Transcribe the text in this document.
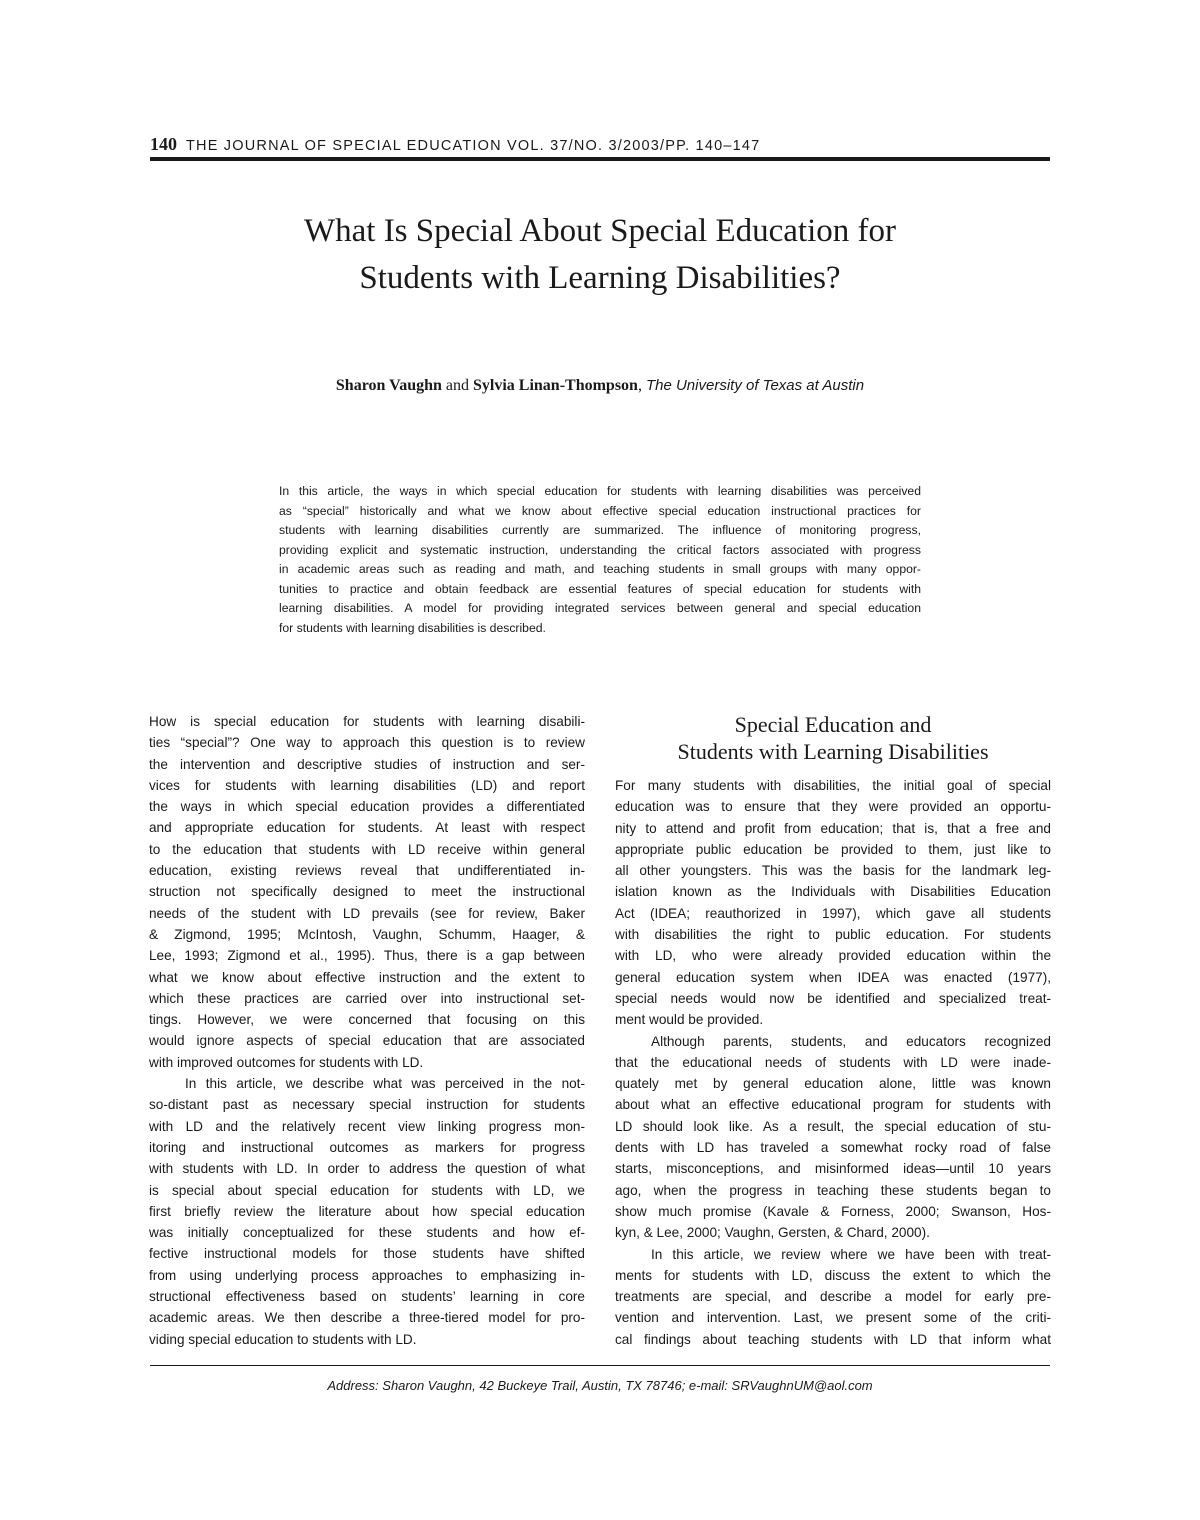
140 THE JOURNAL OF SPECIAL EDUCATION VOL. 37/NO. 3/2003/PP. 140–147
What Is Special About Special Education for
Students with Learning Disabilities?
Sharon Vaughn and Sylvia Linan-Thompson, The University of Texas at Austin
In this article, the ways in which special education for students with learning disabilities was perceived
as “special” historically and what we know about effective special education instructional practices for
students with learning disabilities currently are summarized. The influence of monitoring progress,
providing explicit and systematic instruction, understanding the critical factors associated with progress
in academic areas such as reading and math, and teaching students in small groups with many oppor-
tunities to practice and obtain feedback are essential features of special education for students with
learning disabilities. A model for providing integrated services between general and special education
for students with learning disabilities is described.
How is special education for students with learning disabili-
ties “special”? One way to approach this question is to review
the intervention and descriptive studies of instruction and ser-
vices for students with learning disabilities (LD) and report
the ways in which special education provides a differentiated
and appropriate education for students. At least with respect
to the education that students with LD receive within general
education, existing reviews reveal that undifferentiated in-
struction not specifically designed to meet the instructional
needs of the student with LD prevails (see for review, Baker
& Zigmond, 1995; McIntosh, Vaughn, Schumm, Haager, &
Lee, 1993; Zigmond et al., 1995). Thus, there is a gap between
what we know about effective instruction and the extent to
which these practices are carried over into instructional set-
tings. However, we were concerned that focusing on this
would ignore aspects of special education that are associated
with improved outcomes for students with LD.
In this article, we describe what was perceived in the not-
so-distant past as necessary special instruction for students
with LD and the relatively recent view linking progress mon-
itoring and instructional outcomes as markers for progress
with students with LD. In order to address the question of what
is special about special education for students with LD, we
first briefly review the literature about how special education
was initially conceptualized for these students and how ef-
fective instructional models for those students have shifted
from using underlying process approaches to emphasizing in-
structional effectiveness based on students’ learning in core
academic areas. We then describe a three-tiered model for pro-
viding special education to students with LD.
Special Education and
Students with Learning Disabilities
For many students with disabilities, the initial goal of special
education was to ensure that they were provided an opportu-
nity to attend and profit from education; that is, that a free and
appropriate public education be provided to them, just like to
all other youngsters. This was the basis for the landmark leg-
islation known as the Individuals with Disabilities Education
Act (IDEA; reauthorized in 1997), which gave all students
with disabilities the right to public education. For students
with LD, who were already provided education within the
general education system when IDEA was enacted (1977),
special needs would now be identified and specialized treat-
ment would be provided.
Although parents, students, and educators recognized
that the educational needs of students with LD were inade-
quately met by general education alone, little was known
about what an effective educational program for students with
LD should look like. As a result, the special education of stu-
dents with LD has traveled a somewhat rocky road of false
starts, misconceptions, and misinformed ideas—until 10 years
ago, when the progress in teaching these students began to
show much promise (Kavale & Forness, 2000; Swanson, Hos-
kyn, & Lee, 2000; Vaughn, Gersten, & Chard, 2000).
In this article, we review where we have been with treat-
ments for students with LD, discuss the extent to which the
treatments are special, and describe a model for early pre-
vention and intervention. Last, we present some of the criti-
cal findings about teaching students with LD that inform what
Address: Sharon Vaughn, 42 Buckeye Trail, Austin, TX 78746; e-mail: SRVaughnUM@aol.com
